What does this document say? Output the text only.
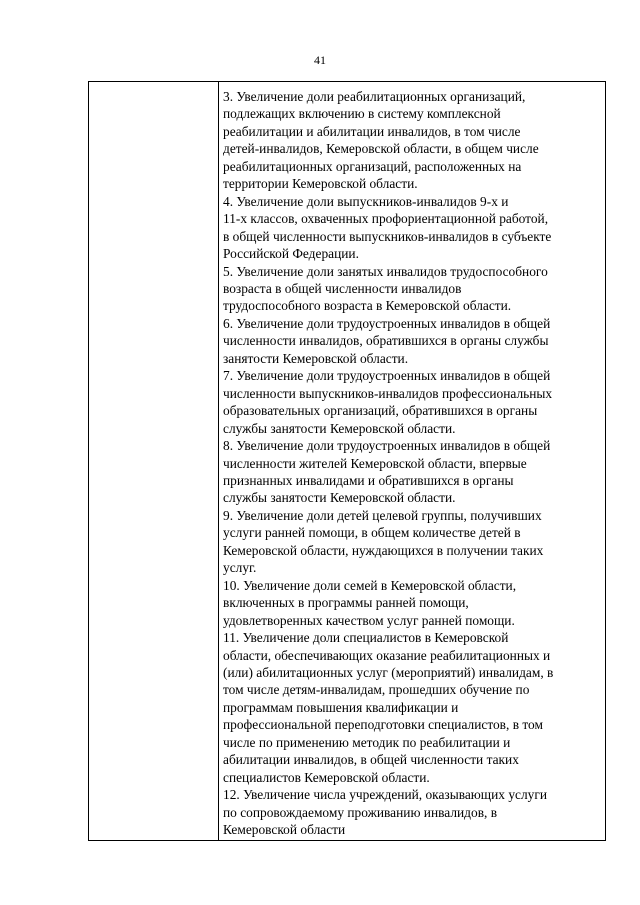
41

3. Увеличение доли реабилитационных организаций,
подлежащих включению в систему комплексной
реабилитации и абилитации инвалидов, в том числе
детей-инвалидов, Кемеровской области, в общем числе
реабилитационных организаций, расположенных на
территории Кемеровской области.

4. Увеличение доли выпускников-инвалидов 9-х и
11-х классов, охваченных профориентационной работой,
в общей численности выпускников-инвалидов в субъекте
Российской Федерации.

5. Увеличение доли занятых инвалидов трудоспособного
возраста в общей численности инвалидов
трудоспособного возраста в Кемеровской области.

6. Увеличение доли трудоустроенных инвалидов в общей
численности инвалидов, обратившихся в органы службы
занятости Кемеровской области.

7. Увеличение доли трудоустроенных инвалидов в общей
численности выпускников-инвалидов профессиональных
образовательных организаций, обратившихся в органы
службы занятости Кемеровской области.

8. Увеличение доли трудоустроенных инвалидов в общей
численности жителей Кемеровской области, впервые
признанных инвалидами и обратившихся в органы
службы занятости Кемеровской области.

9. Увеличение доли детей целевой группы, получивших
услуги ранней помощи, в общем количестве детей в
Кемеровской области, нуждающихся в получении таких
услуг.

10. Увеличение доли семей в Кемеровской области,
включенных в программы ранней помощи,
удовлетворенных качеством услуг ранней помощи.

11. Увеличение доли специалистов в Кемеровской
области, обеспечивающих оказание реабилитационных и
(или) абилитационных услуг (мероприятий) инвалидам, в
том числе детям-инвалидам, прошедших обучение по
программам повышения квалификации и
профессиональной переподготовки специалистов, в том
числе по применению методик по реабилитации и
абилитации инвалидов, в общей численности таких
специалистов Кемеровской области.

12. Увеличение числа учреждений, оказывающих услуги
по сопровождаемому проживанию инвалидов, в
Кемеровской области
